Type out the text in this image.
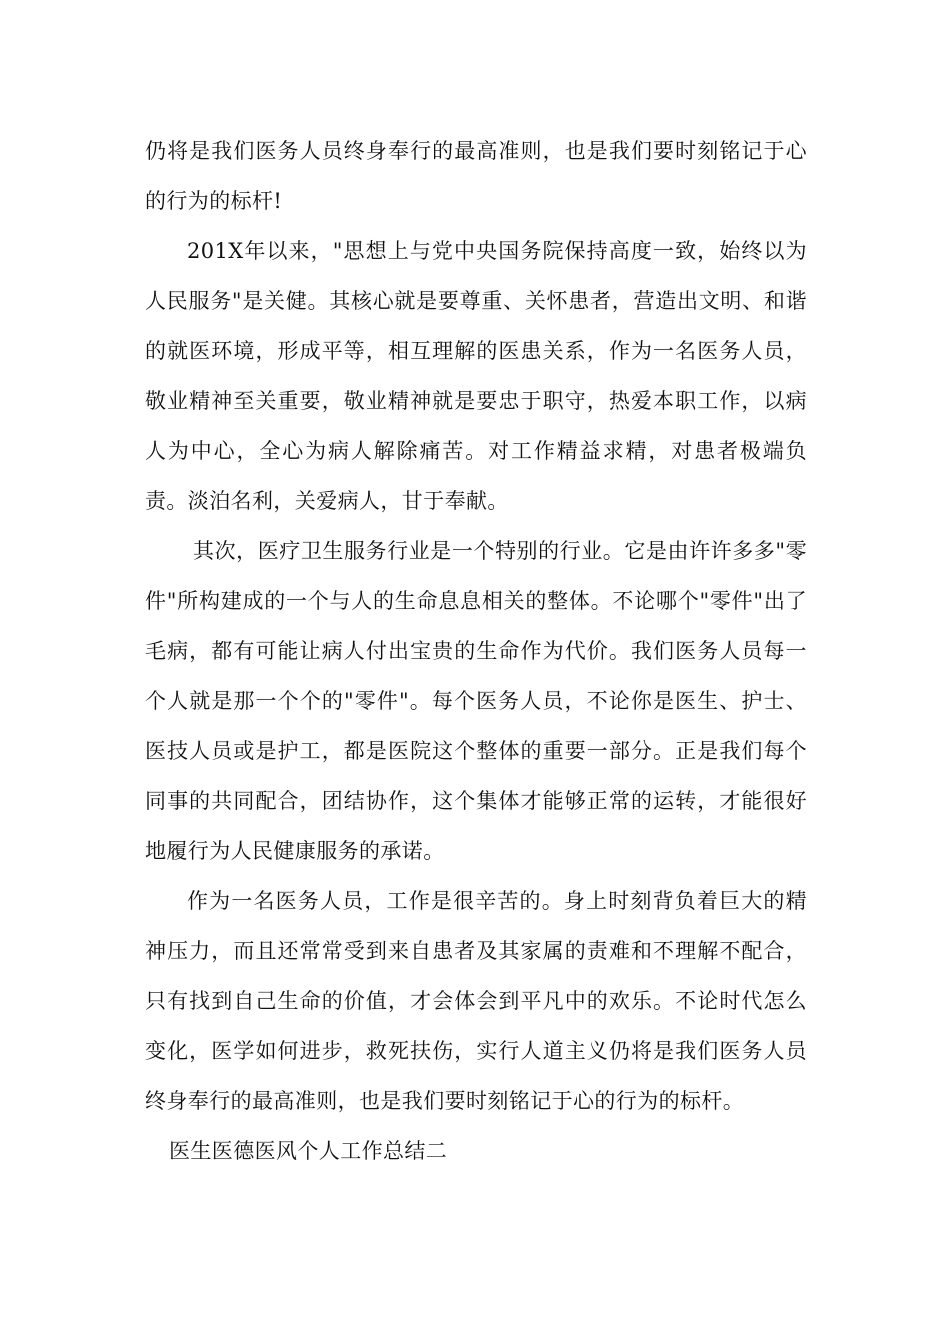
仍将是我们医务人员终身奉行的最高准则，也是我们要时刻铭记于心的行为的标杆!

201X年以来，"思想上与党中央国务院保持高度一致，始终以为人民服务"是关健。其核心就是要尊重、关怀患者，营造出文明、和谐的就医环境，形成平等，相互理解的医患关系，作为一名医务人员，敬业精神至关重要，敬业精神就是要忠于职守，热爱本职工作，以病人为中心，全心为病人解除痛苦。对工作精益求精，对患者极端负责。淡泊名利，关爱病人，甘于奉献。

其次，医疗卫生服务行业是一个特别的行业。它是由许许多多"零件"所构建成的一个与人的生命息息相关的整体。不论哪个"零件"出了毛病，都有可能让病人付出宝贵的生命作为代价。我们医务人员每一个人就是那一个个的"零件"。每个医务人员，不论你是医生、护士、医技人员或是护工，都是医院这个整体的重要一部分。正是我们每个同事的共同配合，团结协作，这个集体才能够正常的运转，才能很好地履行为人民健康服务的承诺。

作为一名医务人员，工作是很辛苦的。身上时刻背负着巨大的精神压力，而且还常常受到来自患者及其家属的责难和不理解不配合，只有找到自己生命的价值，才会体会到平凡中的欢乐。不论时代怎么变化，医学如何进步，救死扶伤，实行人道主义仍将是我们医务人员终身奉行的最高准则，也是我们要时刻铭记于心的行为的标杆。

医生医德医风个人工作总结二
